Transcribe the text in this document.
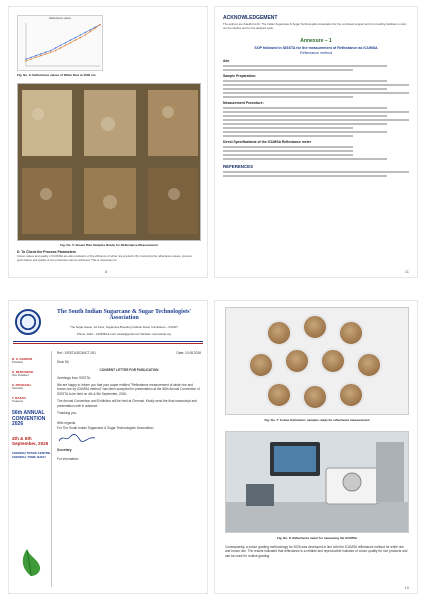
Reflectance values
Fig. No. 6: Reflectance values of White Rice at 1600 nm
Fig. No. 5: Brown Rice Samples Ready for Reflectance Measurement
D. To Check the Process Parameters
Colour values and quality of ICUMSA are also indicators of the efficiency of white rice products. By monitoring the reflectance values, process optimization and quality of rice production can be achieved. This is necessary for
8
ACKNOWLEDGEMENT
The authors are thankful to Dr. The Indian Sugarcane & Sugar Technologists Association for the continued support and for providing facilities to carry out the studies and for the analysis work.
Annexure – 1
SOP followed in SISSTA for the measurement of Reflectance as ICUMSA
Reflectance method
Aim
Sample Preparation:
Measurement Procedure:
Direct Specifications of the ICUMSA Reflectance meter
REFERENCES
11
The South Indian Sugarcane & Sugar Technologists' Association
The Sugar House, 1st Floor, Sugarcane Breeding Institute Road, Coimbatore – 641007
Phone: 0422 – 2433563 E-mail: sissta@gmail.com Website: www.sissta.org
R. S. SANKAR
President
K. MURUGESH
Vice President
S. PRAKASH
Secretary
T. RAJAN
Treasurer
56th ANNUAL CONVENTION 2026
4th & 5th September, 2026
CHENNAI TRADE CENTRE, CHENNAI, TAMIL NADU
Ref.: SISSTA/2026/ICT-001	Date: 10.08.2026
Dear Sir,
CONSENT LETTER FOR PUBLICATION
Greetings from SISSTA.
We are happy to inform you that your paper entitled "Reflectance measurement of white rice and brown rice by ICUMSA method" has been accepted for presentation at the 56th Annual Convention of SISSTA to be held on 4th & 5th September, 2026.
The Annual Convention and Exhibition will be held at Chennai. Kindly send the final manuscript and presentation well in advance.
Thanking you,
With regards,
For The South Indian Sugarcane & Sugar Technologists' Association
Secretary
For information
Fig. No. 7: Colour Extraction: samples ready for reflectance measurement
Fig. No. 8: Reflectance meter for measuring the ICUMSA
Consequently, a colour grading methodology for 2026 was developed in line with the ICUMSA reflectance method for white rice and brown rice. The results indicated that reflectance is a reliable and reproducible indicator of colour quality for rice products and can be used for routine grading.
10
